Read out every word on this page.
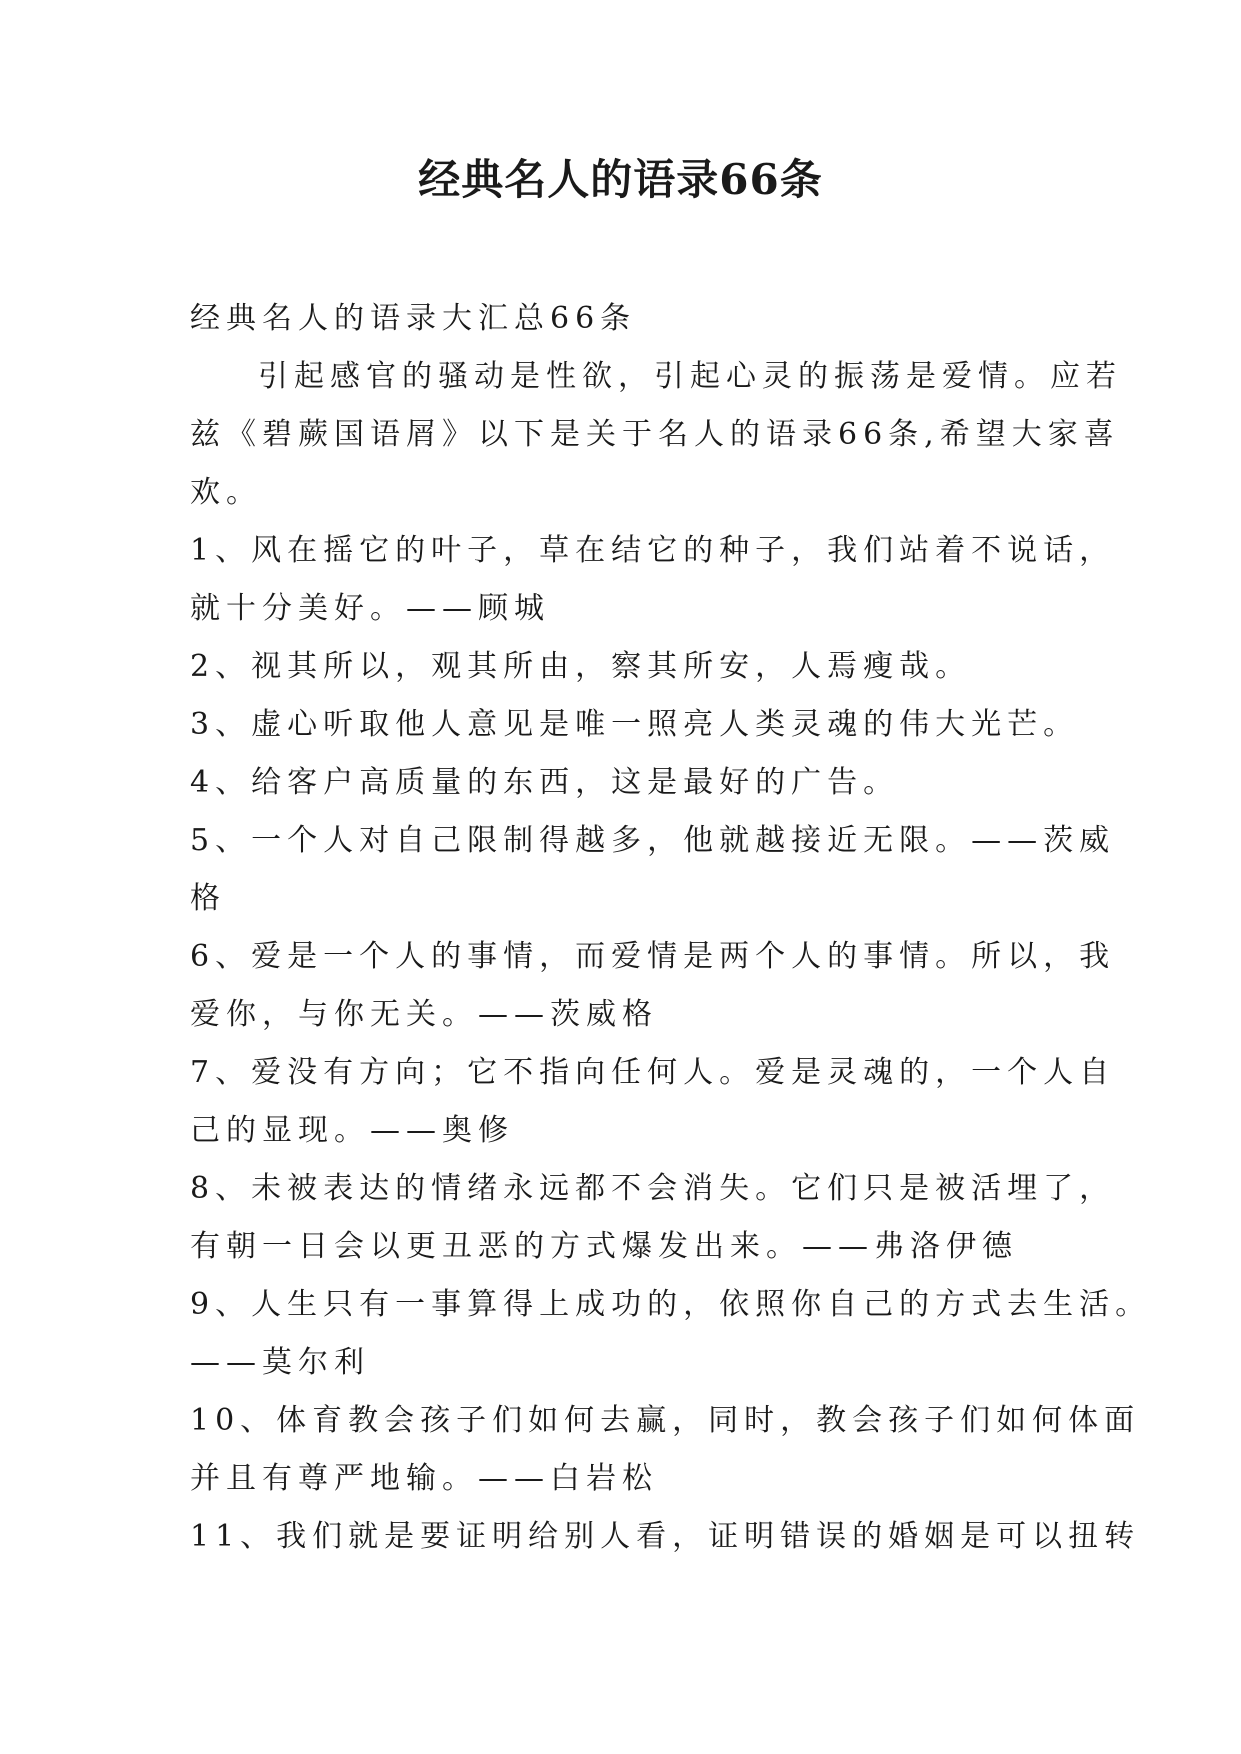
经典名人的语录66条
经典名人的语录大汇总66条
引起感官的骚动是性欲，引起心灵的振荡是爱情。应若
兹《碧蕨国语屑》以下是关于名人的语录66条,希望大家喜
欢。
1、风在摇它的叶子，草在结它的种子，我们站着不说话，
就十分美好。——顾城
2、视其所以，观其所由，察其所安，人焉瘦哉。
3、虚心听取他人意见是唯一照亮人类灵魂的伟大光芒。
4、给客户高质量的东西，这是最好的广告。
5、一个人对自己限制得越多，他就越接近无限。——茨威
格
6、爱是一个人的事情，而爱情是两个人的事情。所以，我
爱你，与你无关。——茨威格
7、爱没有方向；它不指向任何人。爱是灵魂的，一个人自
己的显现。——奥修
8、未被表达的情绪永远都不会消失。它们只是被活埋了，
有朝一日会以更丑恶的方式爆发出来。——弗洛伊德
9、人生只有一事算得上成功的，依照你自己的方式去生活。
——莫尔利
10、体育教会孩子们如何去赢，同时，教会孩子们如何体面
并且有尊严地输。——白岩松
11、我们就是要证明给别人看，证明错误的婚姻是可以扭转
